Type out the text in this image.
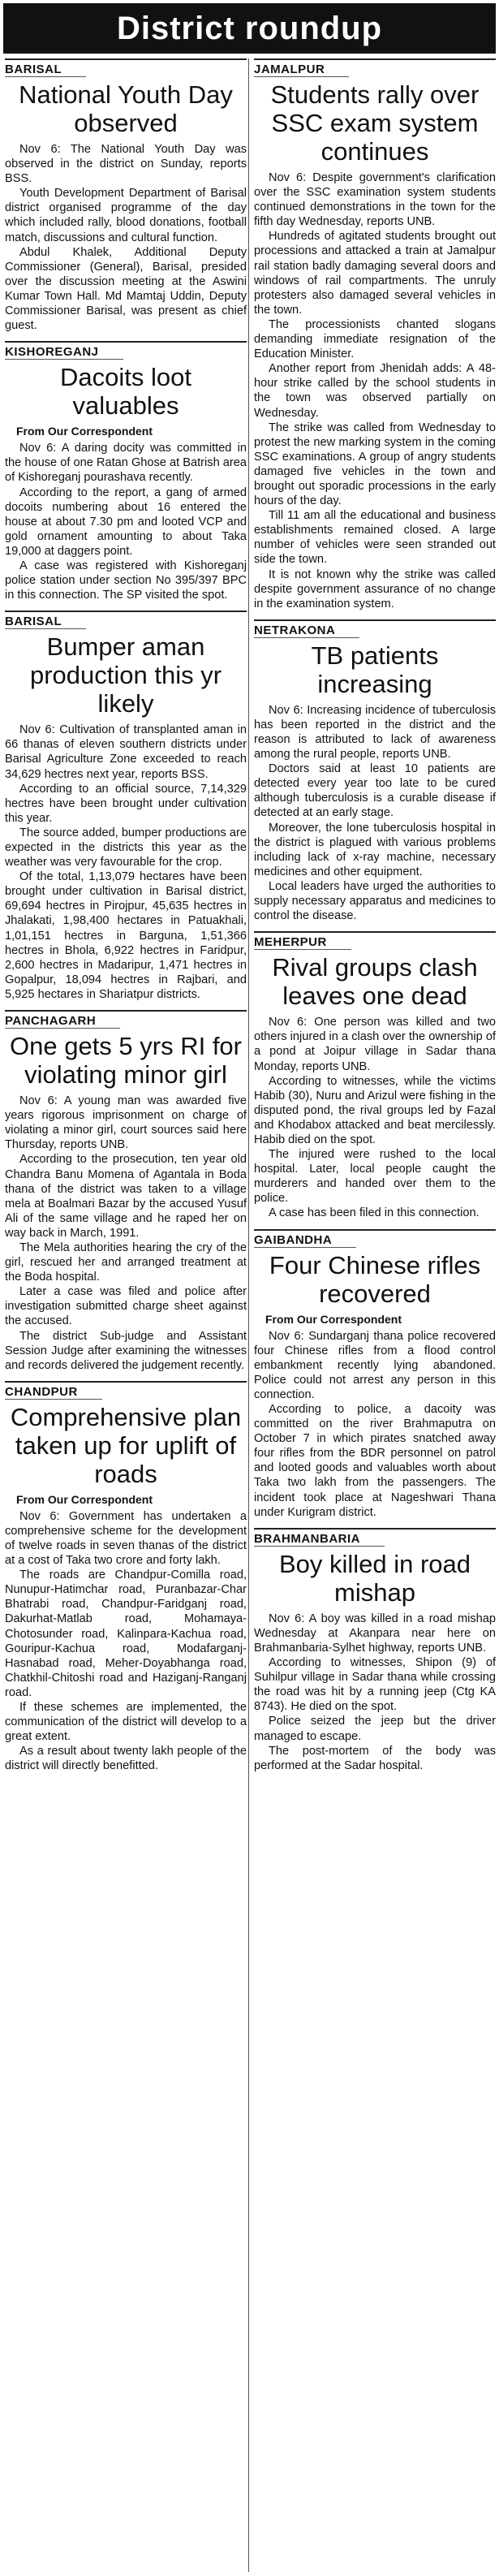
District roundup
BARISAL
National Youth Day observed

Nov 6: The National Youth Day was observed in the district on Sunday, reports BSS.

Youth Development Department of Barisal district organised programme of the day which included rally, blood donations, football match, discussions and cultural function.

Abdul Khalek, Additional Deputy Commissioner (General), Barisal, presided over the discussion meeting at the Aswini Kumar Town Hall. Md Mamtaj Uddin, Deputy Commissioner Barisal, was present as chief guest.

KISHOREGANJ
Dacoits loot valuables
From Our Correspondent

Nov 6: A daring docity was committed in the house of one Ratan Ghose at Batrish area of Kishoreganj pourashava recently.

According to the report, a gang of armed docoits numbering about 16 entered the house at about 7.30 pm and looted VCP and gold ornament amounting to about Taka 19,000 at daggers point.

A case was registered with Kishoreganj police station under section No 395/397 BPC in this connection. The SP visited the spot.

BARISAL
Bumper aman production this yr likely

Nov 6: Cultivation of transplanted aman in 66 thanas of eleven southern districts under Barisal Agriculture Zone exceeded to reach 34,629 hectres next year, reports BSS.

According to an official source, 7,14,329 hectres have been brought under cultivation this year.

The source added, bumper productions are expected in the districts this year as the weather was very favourable for the crop.

Of the total, 1,13,079 hectares have been brought under cultivation in Barisal district, 69,694 hectres in Pirojpur, 45,635 hectres in Jhalakati, 1,98,400 hectares in Patuakhali, 1,01,151 hectres in Barguna, 1,51,366 hectres in Bhola, 6,922 hectres in Faridpur, 2,600 hectres in Madaripur, 1,471 hectres in Gopalpur, 18,094 hectres in Rajbari, and 5,925 hectares in Shariatpur districts.

PANCHAGARH
One gets 5 yrs RI for violating minor girl

Nov 6: A young man was awarded five years rigorous imprisonment on charge of violating a minor girl, court sources said here Thursday, reports UNB.

According to the prosecution, ten year old Chandra Banu Momena of Agantala in Boda thana of the district was taken to a village mela at Boalmari Bazar by the accused Yusuf Ali of the same village and he raped her on way back in March, 1991.

The Mela authorities hearing the cry of the girl, rescued her and arranged treatment at the Boda hospital.

Later a case was filed and police after investigation submitted charge sheet against the accused.

The district Sub-judge and Assistant Session Judge after examining the witnesses and records delivered the judgement recently.

CHANDPUR
Comprehensive plan taken up for uplift of roads
From Our Correspondent

Nov 6: Government has undertaken a comprehensive scheme for the development of twelve roads in seven thanas of the district at a cost of Taka two crore and forty lakh.

The roads are Chandpur-Comilla road, Nunupur-Hatimchar road, Puranbazar-Char Bhatrabi road, Chandpur-Faridganj road, Dakurhat-Matlab road, Mohamaya-Chotosunder road, Kalinpara-Kachua road, Gouripur-Kachua road, Modafarganj-Hasnabad road, Meher-Doyabhanga road, Chatkhil-Chitoshi road and Haziganj-Ranganj road.

If these schemes are implemented, the communication of the district will develop to a great extent.

As a result about twenty lakh people of the district will directly benefitted.

JAMALPUR
Students rally over SSC exam system continues

Nov 6: Despite government's clarification over the SSC examination system students continued demonstrations in the town for the fifth day Wednesday, reports UNB.

Hundreds of agitated students brought out processions and attacked a train at Jamalpur rail station badly damaging several doors and windows of rail compartments. The unruly protesters also damaged several vehicles in the town.

The processionists chanted slogans demanding immediate resignation of the Education Minister.

Another report from Jhenidah adds: A 48-hour strike called by the school students in the town was observed partially on Wednesday.

The strike was called from Wednesday to protest the new marking system in the coming SSC examinations. A group of angry students damaged five vehicles in the town and brought out sporadic processions in the early hours of the day.

Till 11 am all the educational and business establishments remained closed. A large number of vehicles were seen stranded out side the town.

It is not known why the strike was called despite government assurance of no change in the examination system.

NETRAKONA
TB patients increasing

Nov 6: Increasing incidence of tuberculosis has been reported in the district and the reason is attributed to lack of awareness among the rural people, reports UNB.

Doctors said at least 10 patients are detected every year too late to be cured although tuberculosis is a curable disease if detected at an early stage.

Moreover, the lone tuberculosis hospital in the district is plagued with various problems including lack of x-ray machine, necessary medicines and other equipment.

Local leaders have urged the authorities to supply necessary apparatus and medicines to control the disease.

MEHERPUR
Rival groups clash leaves one dead

Nov 6: One person was killed and two others injured in a clash over the ownership of a pond at Joipur village in Sadar thana Monday, reports UNB.

According to witnesses, while the victims Habib (30), Nuru and Arizul were fishing in the disputed pond, the rival groups led by Fazal and Khodabox attacked and beat mercilessly. Habib died on the spot.

The injured were rushed to the local hospital. Later, local people caught the murderers and handed over them to the police.

A case has been filed in this connection.

GAIBANDHA
Four Chinese rifles recovered
From Our Correspondent

Nov 6: Sundarganj thana police recovered four Chinese rifles from a flood control embankment recently lying abandoned. Police could not arrest any person in this connection.

According to police, a dacoity was committed on the river Brahmaputra on October 7 in which pirates snatched away four rifles from the BDR personnel on patrol and looted goods and valuables worth about Taka two lakh from the passengers. The incident took place at Nageshwari Thana under Kurigram district.

BRAHMANBARIA
Boy killed in road mishap

Nov 6: A boy was killed in a road mishap Wednesday at Akanpara near here on Brahmanbaria-Sylhet highway, reports UNB.

According to witnesses, Shipon (9) of Suhilpur village in Sadar thana while crossing the road was hit by a running jeep (Ctg KA 8743). He died on the spot.

Police seized the jeep but the driver managed to escape.

The post-mortem of the body was performed at the Sadar hospital.
